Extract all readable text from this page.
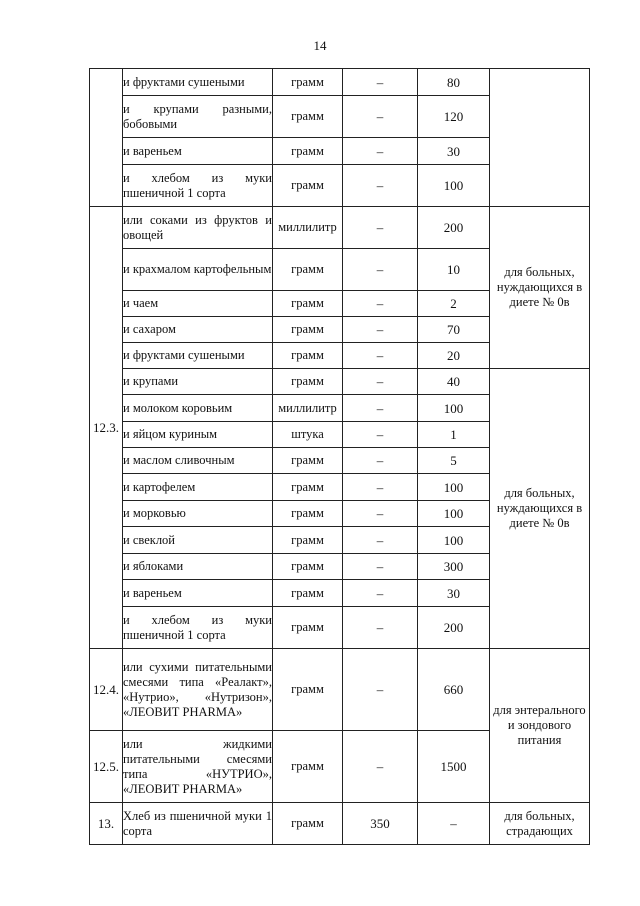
14
	и фруктами сушеными	грамм	–	80	
	и крупами разными, бобовыми	грамм	–	120	
	и вареньем	грамм	–	30	
	и хлебом из муки пшеничной 1 сорта	грамм	–	100	
12.3.	или соками из фруктов и овощей	миллилитр	–	200	для больных, нуждающихся в диете № 0в
	и крахмалом картофельным	грамм	–	10	
	и чаем	грамм	–	2	
	и сахаром	грамм	–	70	
	и фруктами сушеными	грамм	–	20	
	и крупами	грамм	–	40	для больных, нуждающихся в диете № 0в
	и молоком коровьим	миллилитр	–	100	
	и яйцом куриным	штука	–	1	
	и маслом сливочным	грамм	–	5	
	и картофелем	грамм	–	100	
	и морковью	грамм	–	100	
	и свеклой	грамм	–	100	
	и яблоками	грамм	–	300	
	и вареньем	грамм	–	30	
	и хлебом из муки пшеничной 1 сорта	грамм	–	200	
12.4.	или сухими питательными смесями типа «Реалакт», «Нутрио», «Нутризон», «ЛЕОВИТ PHARMA»	грамм	–	660	для энтерального и зондового питания
12.5.	или жидкими питательными смесями типа «НУТРИО», «ЛЕОВИТ PHARMA»	грамм	–	1500	
13.	Хлеб из пшеничной муки 1 сорта	грамм	350	–	для больных, страдающих
